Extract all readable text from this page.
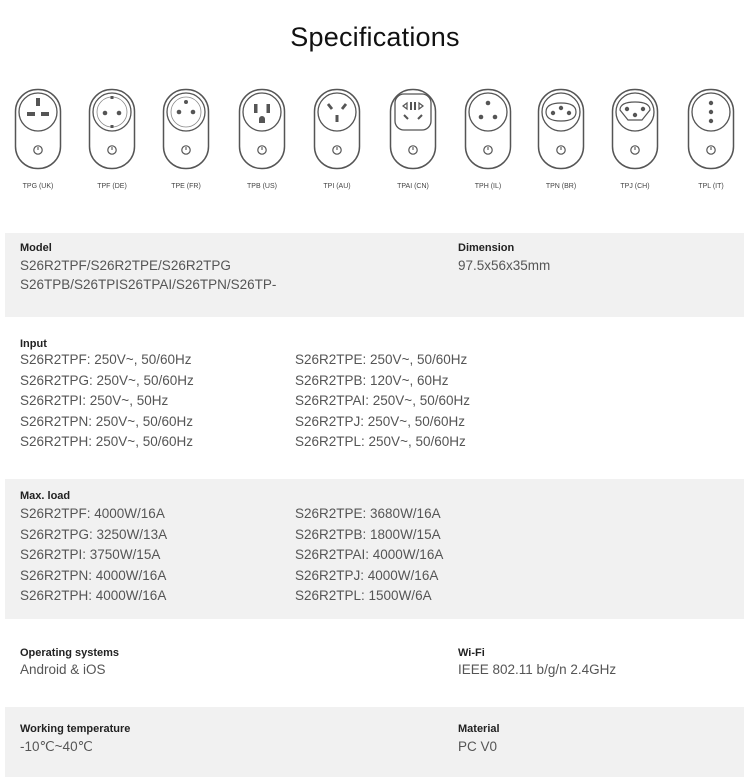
Specifications
TPG (UK)	TPF (DE)	TPE (FR)	TPB (US)	TPI (AU)	TPAI (CN)	TPH (IL)	TPN (BR)	TPJ (CH)	TPL (IT)
Model
S26R2TPF/S26R2TPE/S26R2TPG
S26TPB/S26TPIS26TPAI/S26TPN/S26TP-
Dimension
97.5x56x35mm
Input
S26R2TPF: 250V~, 50/60Hz
S26R2TPG: 250V~, 50/60Hz
S26R2TPI: 250V~, 50Hz
S26R2TPN: 250V~, 50/60Hz
S26R2TPH: 250V~, 50/60Hz
S26R2TPE: 250V~, 50/60Hz
S26R2TPB: 120V~, 60Hz
S26R2TPAI: 250V~, 50/60Hz
S26R2TPJ: 250V~, 50/60Hz
S26R2TPL: 250V~, 50/60Hz
Max. load
S26R2TPF: 4000W/16A
S26R2TPG: 3250W/13A
S26R2TPI: 3750W/15A
S26R2TPN: 4000W/16A
S26R2TPH: 4000W/16A
S26R2TPE: 3680W/16A
S26R2TPB: 1800W/15A
S26R2TPAI: 4000W/16A
S26R2TPJ: 4000W/16A
S26R2TPL: 1500W/6A
Operating systems
Android & iOS
Wi-Fi
IEEE 802.11 b/g/n 2.4GHz
Working temperature
-10℃~40℃
Material
PC V0
